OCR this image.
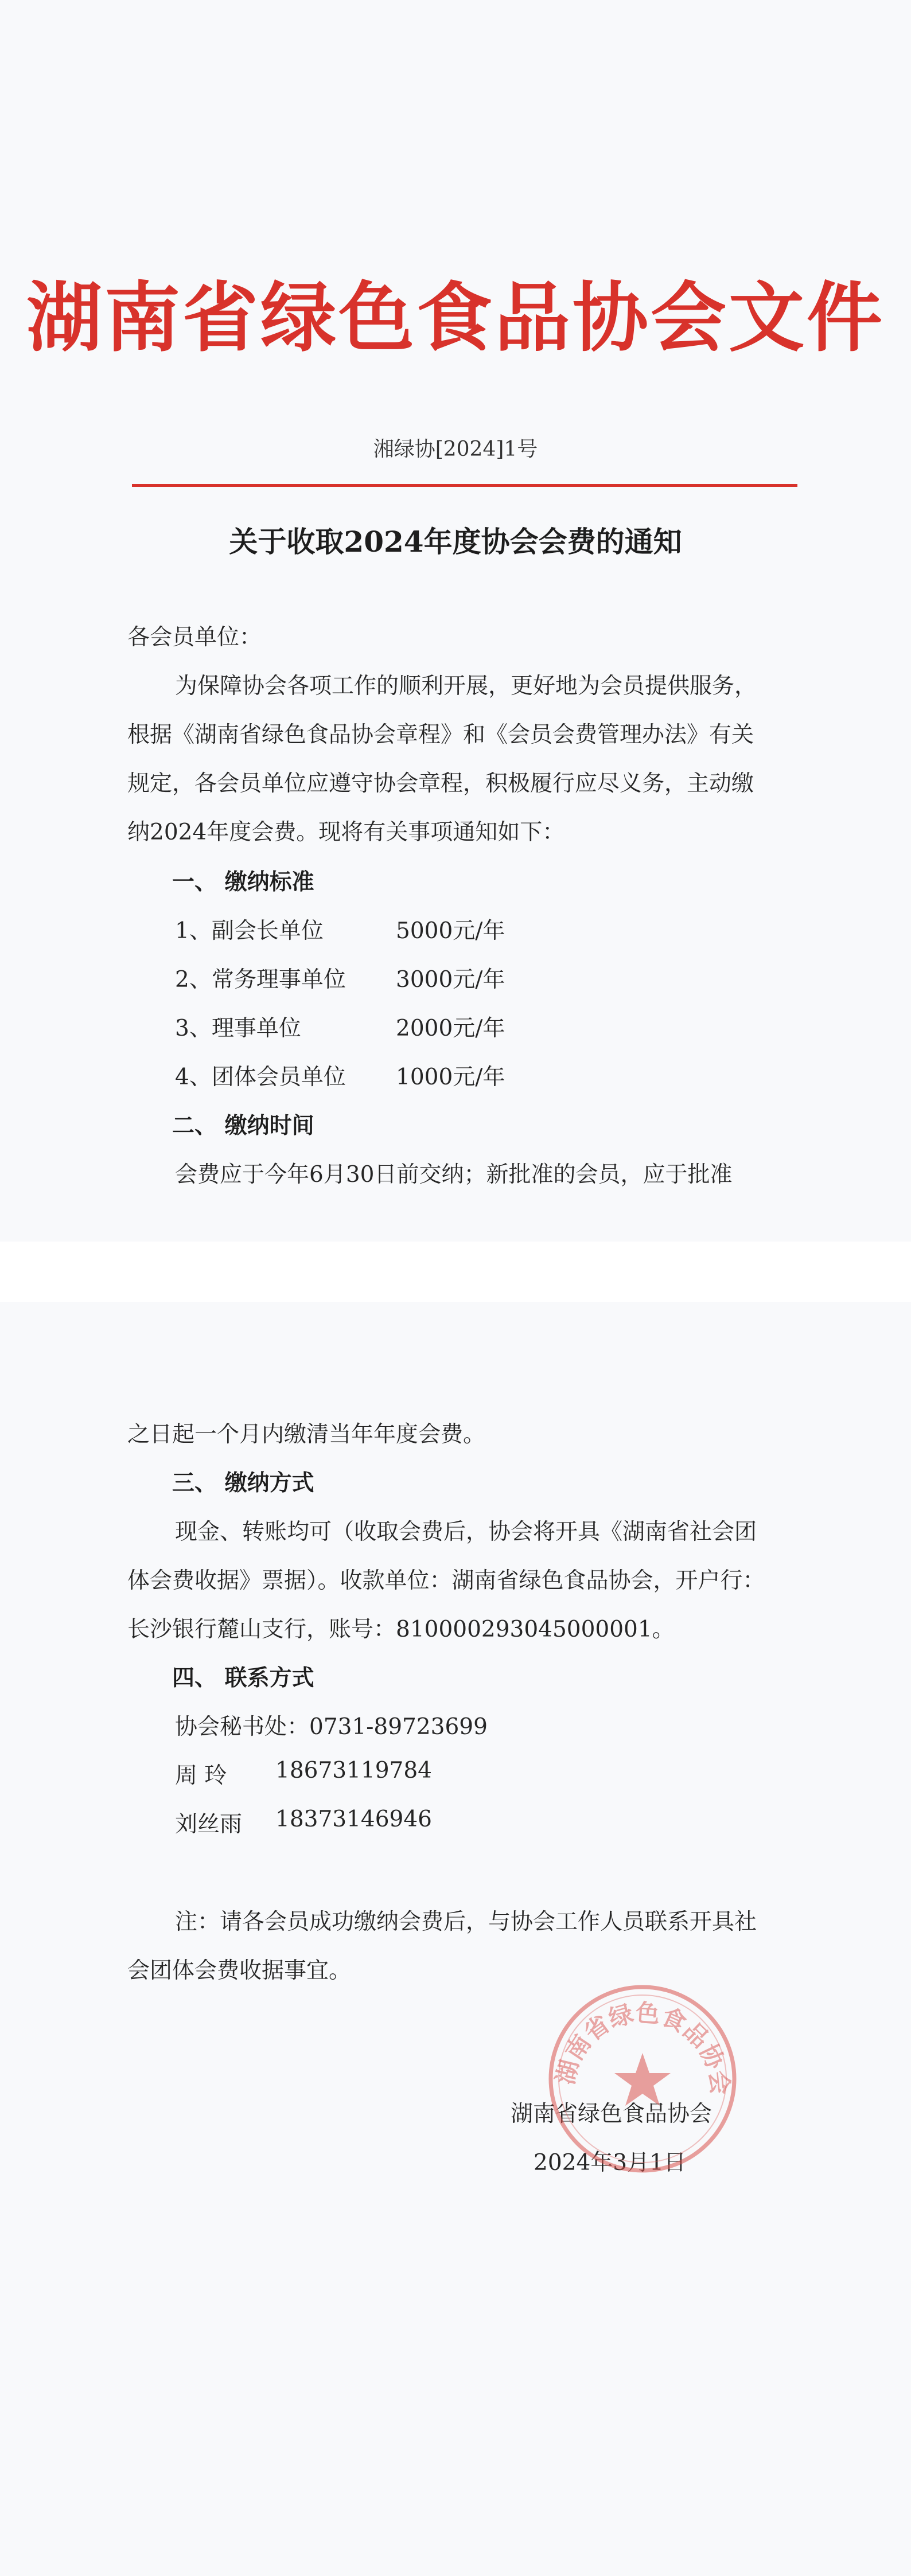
湖南省绿色食品协会文件
湘绿协[2024]1号
关于收取2024年度协会会费的通知
各会员单位：
为保障协会各项工作的顺利开展，更好地为会员提供服务，
根据《湖南省绿色食品协会章程》和《会员会费管理办法》有关
规定，各会员单位应遵守协会章程，积极履行应尽义务，主动缴
纳2024年度会费。现将有关事项通知如下：
一、 缴纳标准
1、副会长单位	5000元/年
2、常务理事单位 3000元/年
3、理事单位	2000元/年
4、团体会员单位 1000元/年
二、 缴纳时间
会费应于今年6月30日前交纳；新批准的会员，应于批准
之日起一个月内缴清当年年度会费。
三、 缴纳方式
现金、转账均可（收取会费后，协会将开具《湖南省社会团
体会费收据》票据）。收款单位：湖南省绿色食品协会，开户行：
长沙银行麓山支行，账号：810000293045000001。
四、 联系方式
协会秘书处：0731-89723699
周 玲 18673119784
刘丝雨 18373146946
注：请各会员成功缴纳会费后，与协会工作人员联系开具社
会团体会费收据事宜。
湖南省绿色食品协会
2024年3月1日
湖南省绿色食品协会
